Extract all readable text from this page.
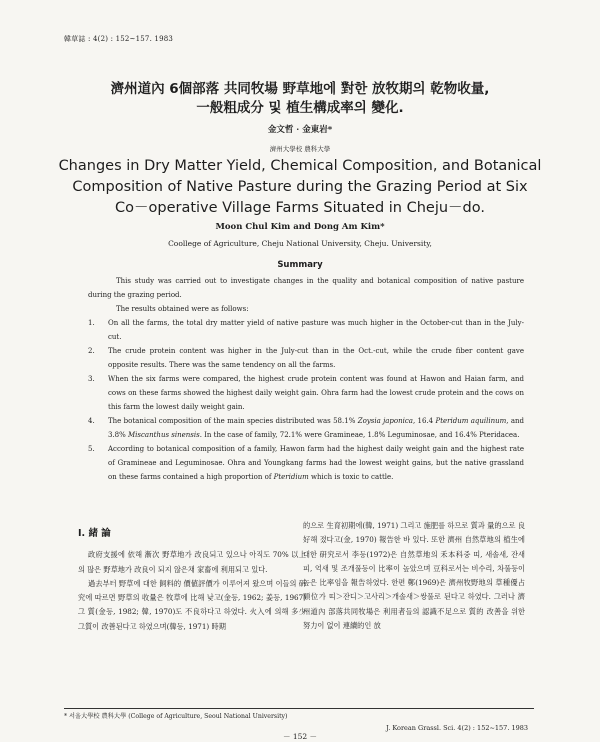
韓草誌 : 4(2) : 152~157. 1983
濟州道內 6個部落 共同牧場 野草地에 對한 放牧期의 乾物收量,
一般粗成分 및 植生構成率의 變化.
金文哲 · 金東岩*
濟州大學校 農科大學
Changes in Dry Matter Yield, Chemical Composition, and Botanical
Composition of Native Pasture during the Grazing Period at Six
Co－operative Village Farms Situated in Cheju－do.
Moon Chul Kim and Dong Am Kim*
Coollege of Agriculture, Cheju National University, Cheju. University,
Summary

This study was carried out to investigate changes in the quality and botanical composition of native pasture during the grazing period.

The results obtained were as follows:

1. On all the farms, the total dry matter yield of native pasture was much higher in the October-cut than in the July-cut.
2. The crude protein content was higher in the July-cut than in the Oct.-cut, while the crude fiber content gave opposite results. There was the same tendency on all the farms.
3. When the six farms were compared, the highest crude protein content was found at Hawon and Haian farm, and cows on these farms showed the highest daily weight gain. Ohra farm had the lowest crude protein and the cows on this farm the lowest daily weight gain.
4. The botanical composition of the main species distributed was 58.1% Zoysia japonica, 16.4 Pteridum aquilinum, and 3.8% Miscanthus sinensis. In the case of family, 72.1% were Gramineae, 1.8% Leguminosae, and 16.4% Pteridacea.
5. According to botanical composition of a family, Hawon farm had the highest daily weight gain and the highest rate of Gramineae and Leguminosae. Ohra and Youngkang farms had the lowest weight gains, but the native grassland on these farms contained a high proportion of Pteridium which is toxic to cattle.
Ⅰ. 緒 論

政府支援에 依해 漸次 野草地가 改良되고 있으나 아직도 70% 以上의 많은 野草地가 改良이 되지 않은채 家畜에 利用되고 있다.

過去부터 野草에 대한 飼料的 價値評價가 이루어져 왔으며 이들의 研究에 따르면 野草의 收量은 牧草에 比해 낮고(金등, 1962; 姜등, 1967) 그 質(金등, 1982; 韓, 1970)도 不良하다고 하였다. 火入에 의해 多少 그質이 改善된다고 하였으며(韓등, 1971) 時期

的으로 生育初期에(韓, 1971) 그리고 施肥를 하므로 質과 量的으로 良好해 졌다고(金, 1970) 報告한 바 있다. 또한 濟州 自然草地의 植生에 대한 研究로서 李등(1972)은 自然草地의 禾本科중 띠, 새솔새, 잔새피, 억새 및 조개풀등이 比率이 높았으며 豆科로서는 비수리, 차풀등이 높은 比率임을 報告하였다. 한편 鄭(1969)은 濟州牧野地의 草種優占順位가 띠＞잔디＞고사리＞개솔새＞쌍풀로 된다고 하였다. 그러나 濟州道內 部落共同牧場은 利用者들의 認識不足으로 質的 改善을 위한 努力이 없이 連續的인 放

* 서울大學校 農科大學 (College of Agriculture, Seoul National University)
J. Korean Grassl. Sci. 4(2) : 152~157. 1983
－ 152 －
